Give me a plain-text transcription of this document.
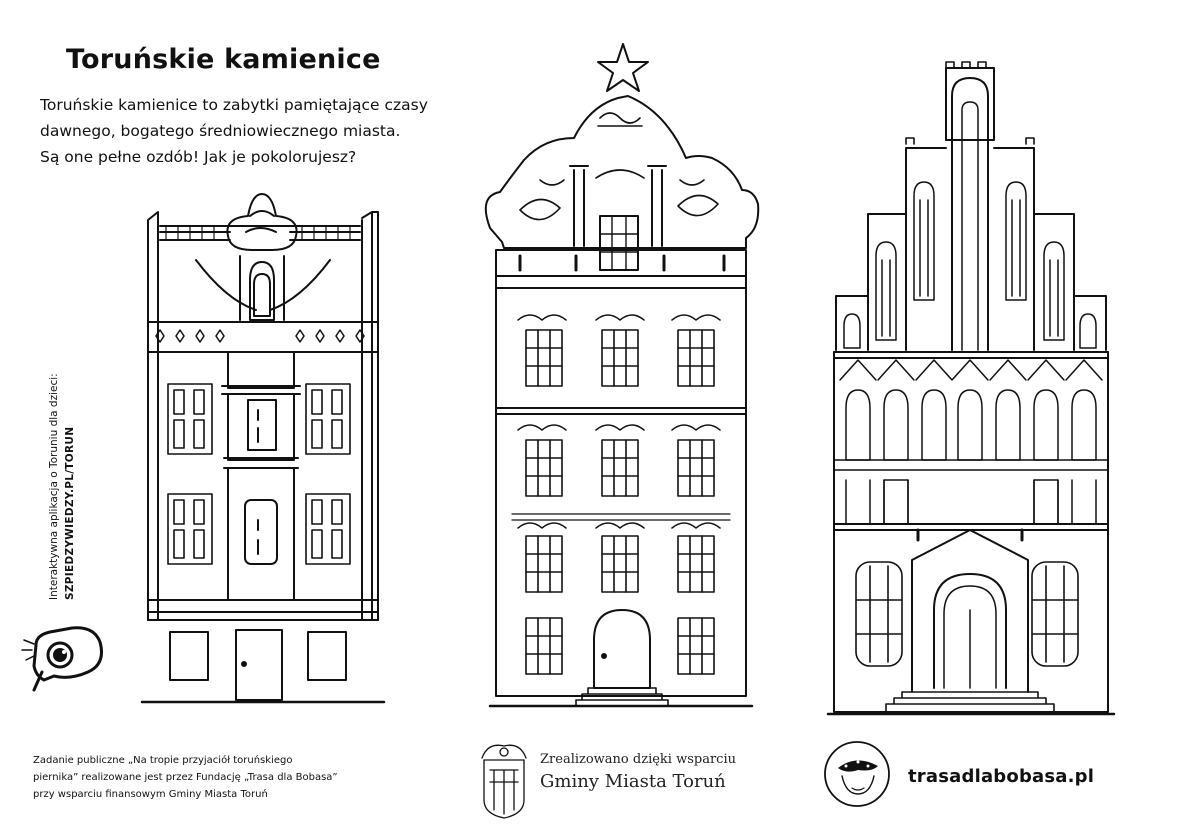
Toruńskie kamienice

Toruńskie kamienice to zabytki pamiętające czasy

dawnego, bogatego średniowiecznego miasta.

Są one pełne ozdób! Jak je pokolorujesz?

Interaktywna aplikacja o Toruniu dla dzieci: SZPIEDZYWIEDZY.PL/TORUN

Zadanie publiczne „Na tropie przyjaciół toruńskiego

piernika” realizowane jest przez Fundację „Trasa dla Bobasa”

przy wsparciu finansowym Gminy Miasta Toruń

Zrealizowano dzięki wsparciu
Gminy Miasta Toruń	trasadlabobasa.pl
